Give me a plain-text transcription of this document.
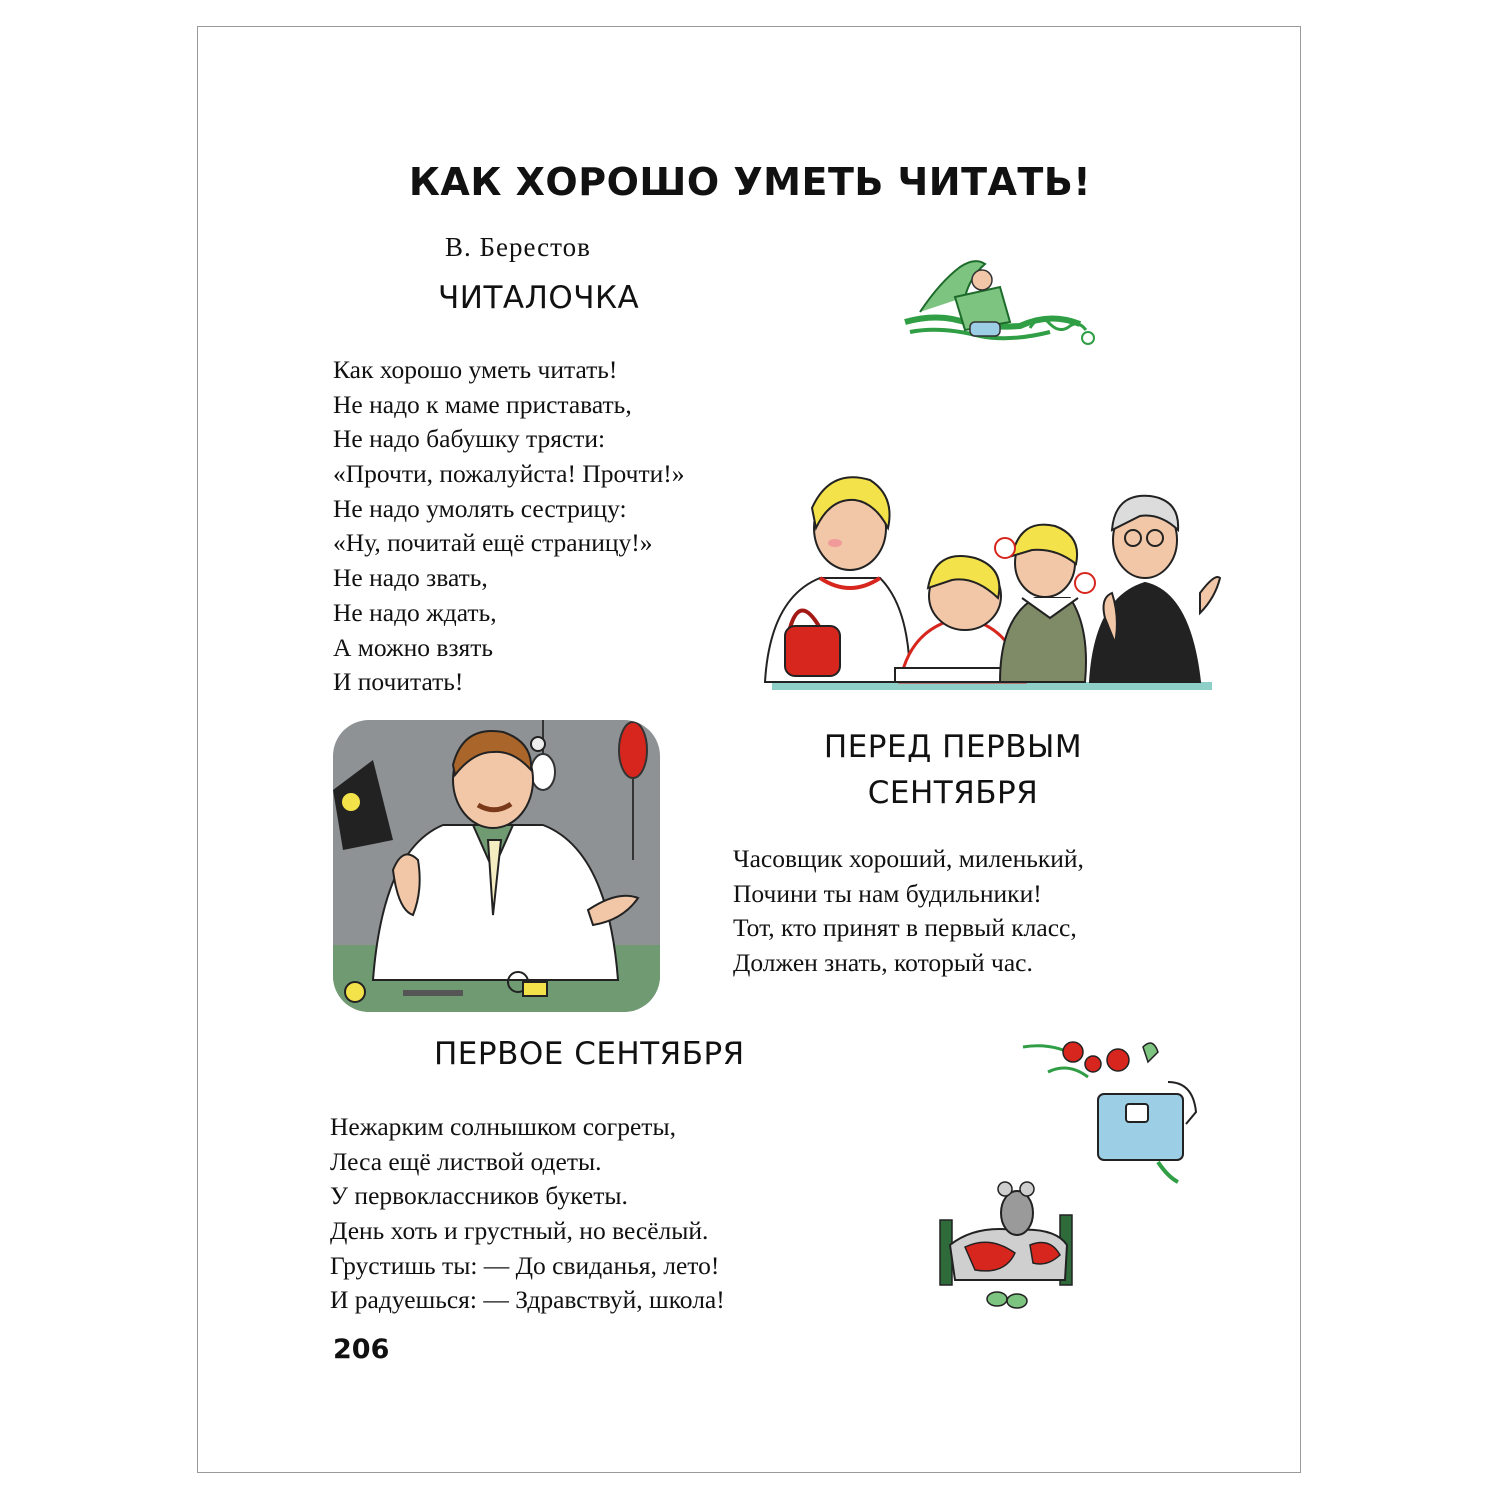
КАК ХОРОШО УМЕТЬ ЧИТАТЬ!
В. Берестов
ЧИТАЛОЧКА
Как хорошо уметь читать!
Не надо к маме приставать,
Не надо бабушку трясти:
«Прочти, пожалуйста! Прочти!»
Не надо умолять сестрицу:
«Ну, почитай ещё страницу!»
Не надо звать,
Не надо ждать,
А можно взять
И почитать!
ПЕРЕД ПЕРВЫМ
СЕНТЯБРЯ
Часовщик хороший, миленький,
Почини ты нам будильники!
Тот, кто принят в первый класс,
Должен знать, который час.
ПЕРВОЕ СЕНТЯБРЯ
Нежарким солнышком согреты,
Леса ещё листвой одеты.
У первоклассников букеты.
День хоть и грустный, но весёлый.
Грустишь ты: — До свиданья, лето!
И радуешься: — Здравствуй, школа!
206
